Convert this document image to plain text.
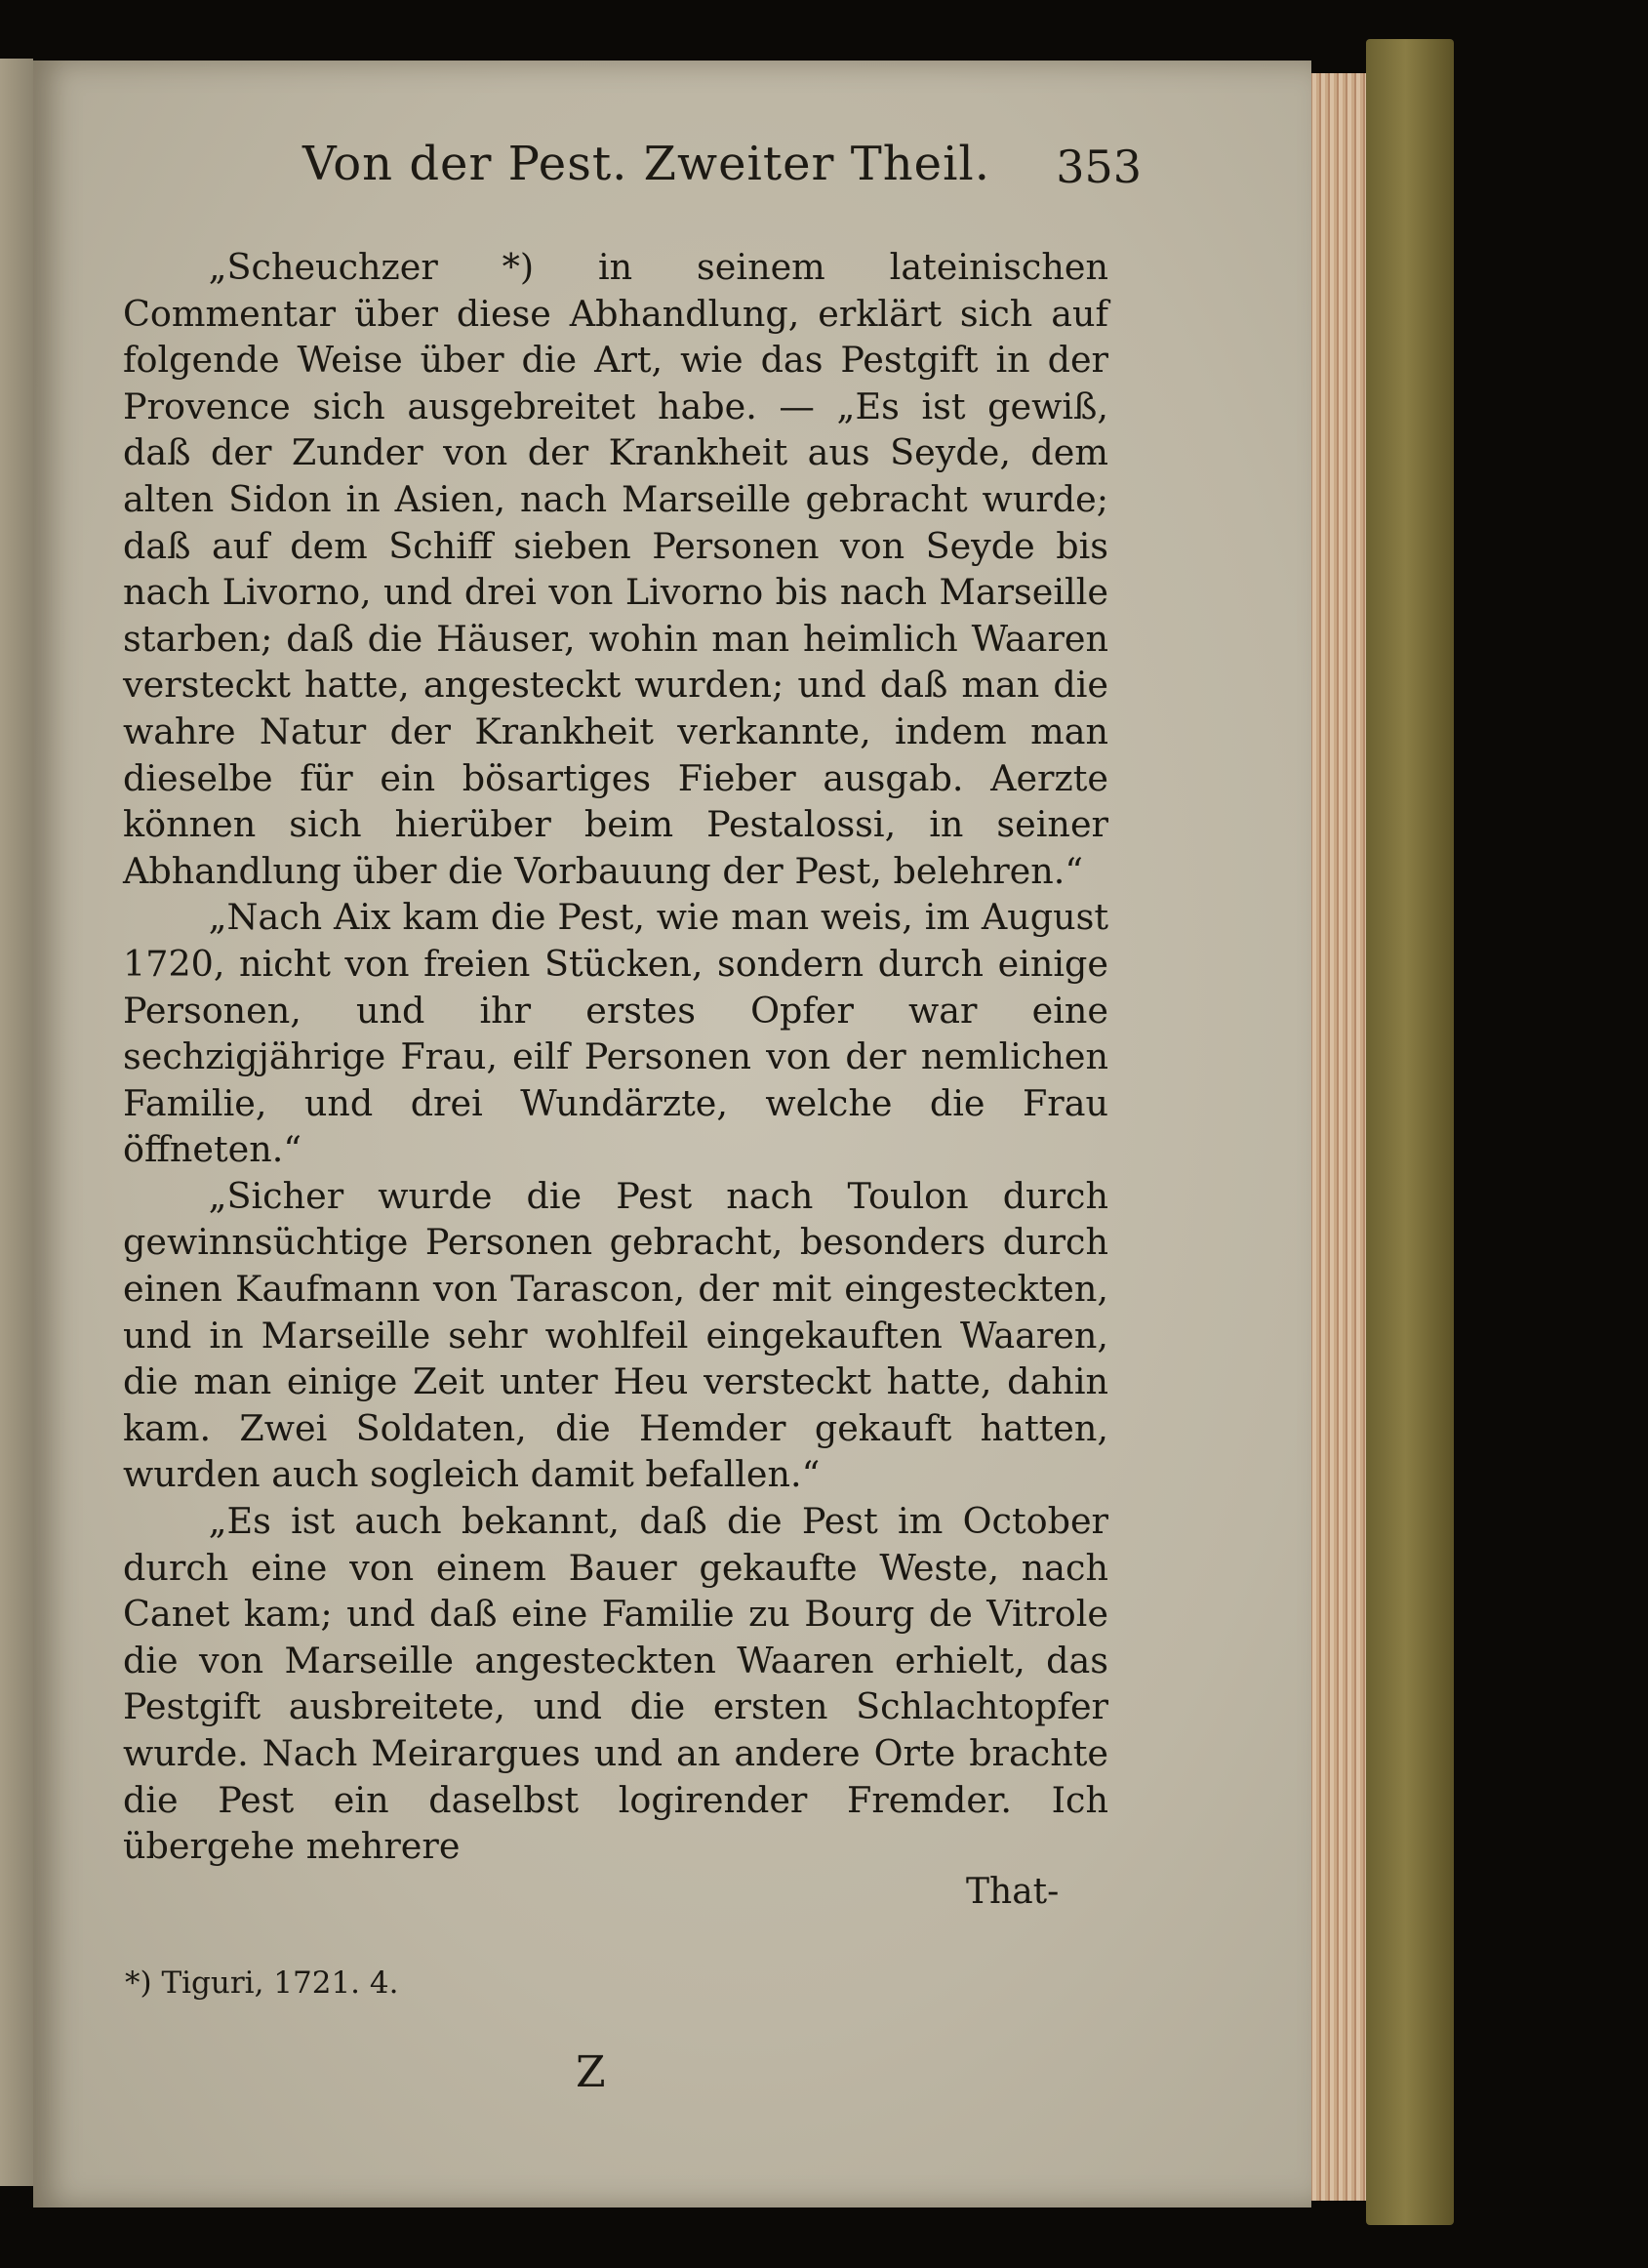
Von der Pest. Zweiter Theil. 353

„Scheuchzer *) in seinem lateinischen Commentar über diese Abhandlung, erklärt sich auf folgende Weise über die Art, wie das Pestgift in der Provence sich ausgebreitet habe. — „Es ist gewiß, daß der Zunder von der Krankheit aus Seyde, dem alten Sidon in Asien, nach Marseille gebracht wurde; daß auf dem Schiff sieben Personen von Seyde bis nach Livorno, und drei von Livorno bis nach Marseille starben; daß die Häuser, wohin man heimlich Waaren versteckt hatte, angesteckt wurden; und daß man die wahre Natur der Krankheit verkannte, indem man dieselbe für ein bösartiges Fieber ausgab. Aerzte können sich hierüber beim Pestalossi, in seiner Abhandlung über die Vorbauung der Pest, belehren.“

„Nach Aix kam die Pest, wie man weis, im August 1720, nicht von freien Stücken, sondern durch einige Personen, und ihr erstes Opfer war eine sechzigjährige Frau, eilf Personen von der nemlichen Familie, und drei Wundärzte, welche die Frau öffneten.“

„Sicher wurde die Pest nach Toulon durch gewinnsüchtige Personen gebracht, besonders durch einen Kaufmann von Tarascon, der mit eingesteckten, und in Marseille sehr wohlfeil eingekauften Waaren, die man einige Zeit unter Heu versteckt hatte, dahin kam. Zwei Soldaten, die Hemder gekauft hatten, wurden auch sogleich damit befallen.“

„Es ist auch bekannt, daß die Pest im October durch eine von einem Bauer gekaufte Weste, nach Canet kam; und daß eine Familie zu Bourg de Vitrole die von Marseille angesteckten Waaren erhielt, das Pestgift ausbreitete, und die ersten Schlachtopfer wurde. Nach Meirargues und an andere Orte brachte die Pest ein daselbst logirender Fremder. Ich übergehe mehrere

That-
*) Tiguri, 1721. 4.
Z
